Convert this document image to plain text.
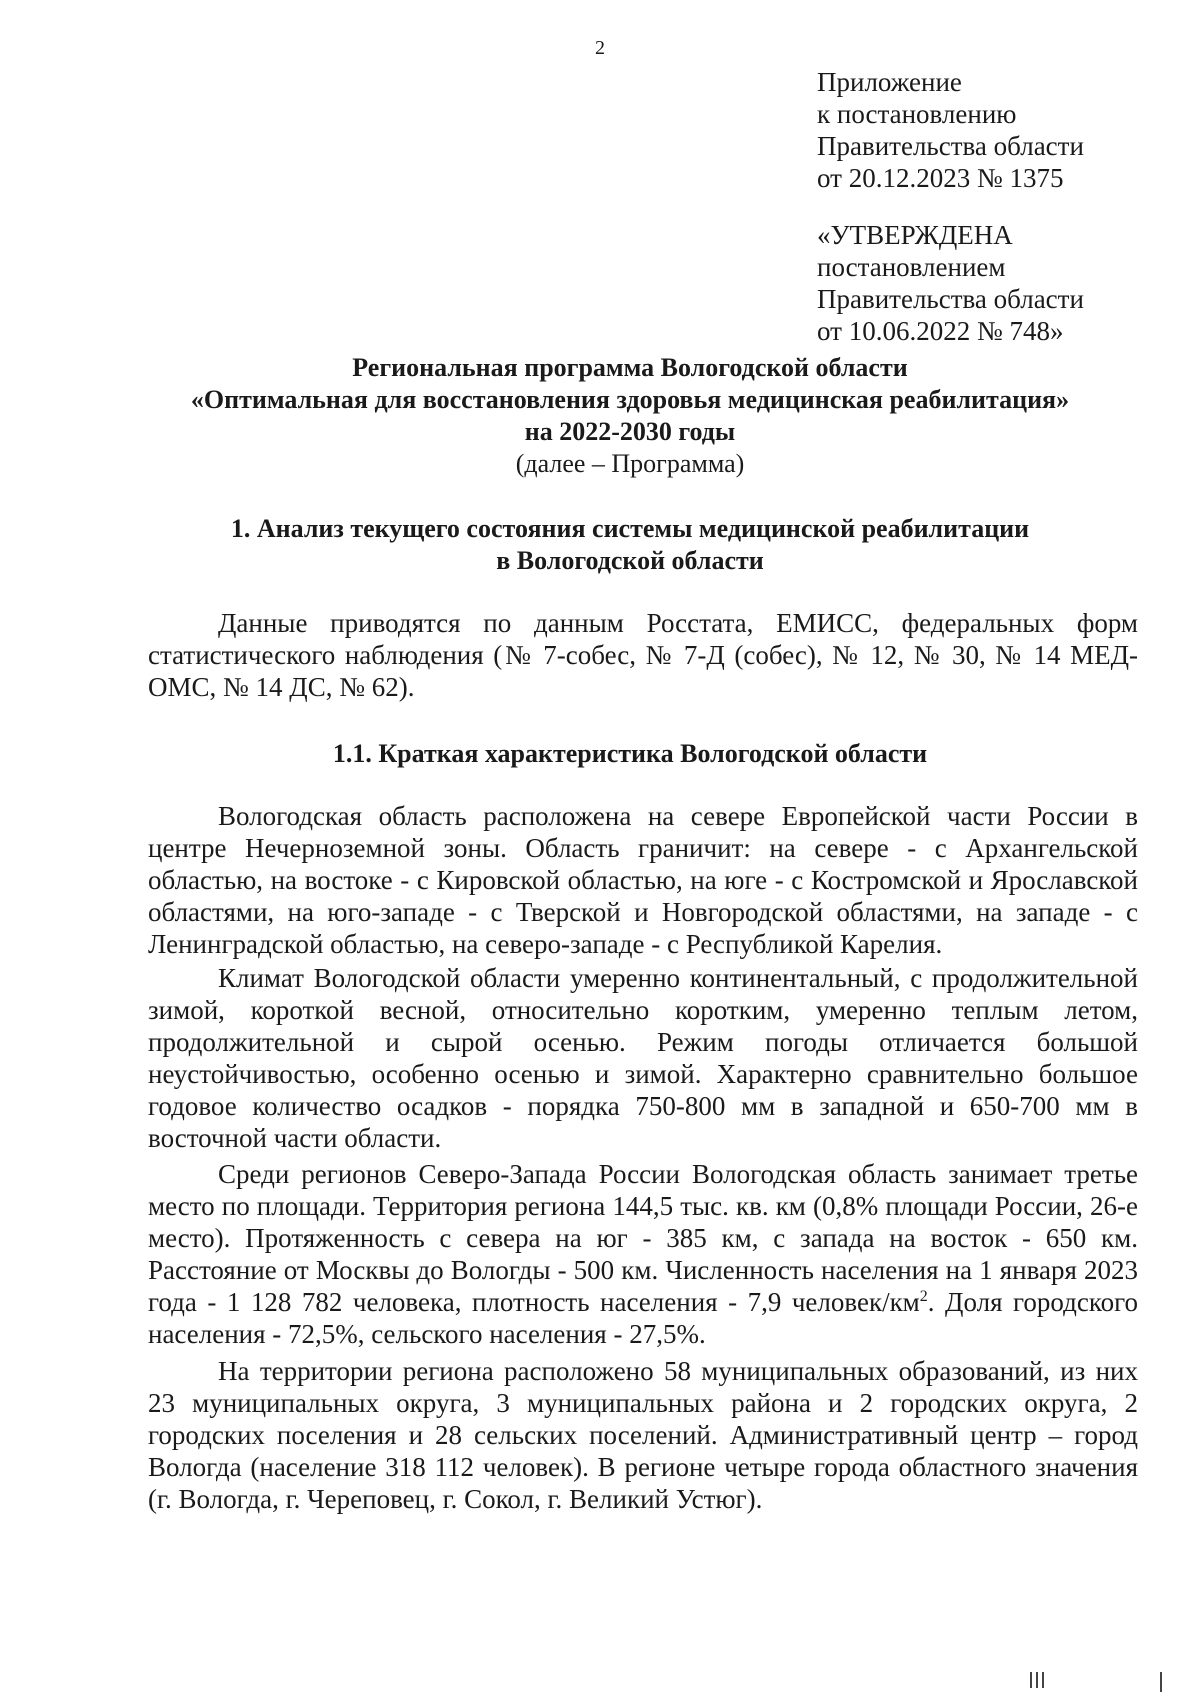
2
Приложение
к постановлению
Правительства области
от 20.12.2023 № 1375
«УТВЕРЖДЕНА
постановлением
Правительства области
от 10.06.2022 № 748»
Региональная программа Вологодской области
«Оптимальная для восстановления здоровья медицинская реабилитация»
на 2022-2030 годы
(далее – Программа)
1. Анализ текущего состояния системы медицинской реабилитации
в Вологодской области
Данные приводятся по данным Росстата, ЕМИСС, федеральных форм статистического наблюдения (№ 7-собес, № 7-Д (собес), № 12, № 30, № 14 МЕД-ОМС, № 14 ДС, № 62).
1.1. Краткая характеристика Вологодской области
Вологодская область расположена на севере Европейской части России в центре Нечерноземной зоны. Область граничит: на севере - с Архангельской областью, на востоке - с Кировской областью, на юге - с Костромской и Ярославской областями, на юго-западе - с Тверской и Новгородской областями, на западе - с Ленинградской областью, на северо-западе - с Республикой Карелия.
Климат Вологодской области умеренно континентальный, с продолжительной зимой, короткой весной, относительно коротким, умеренно теплым летом, продолжительной и сырой осенью. Режим погоды отличается большой неустойчивостью, особенно осенью и зимой. Характерно сравнительно большое годовое количество осадков - порядка 750-800 мм в западной и 650-700 мм в восточной части области.
Среди регионов Северо-Запада России Вологодская область занимает третье место по площади. Территория региона 144,5 тыс. кв. км (0,8% площади России, 26-е место). Протяженность с севера на юг - 385 км, с запада на восток - 650 км. Расстояние от Москвы до Вологды - 500 км. Численность населения на 1 января 2023 года - 1 128 782 человека, плотность населения - 7,9 человек/$км^2$. Доля городского населения - 72,5%, сельского населения - 27,5%.
На территории региона расположено 58 муниципальных образований, из них 23 муниципальных округа, 3 муниципальных района и 2 городских округа, 2 городских поселения и 28 сельских поселений. Административный центр – город Вологда (население 318 112 человек). В регионе четыре города областного значения (г. Вологда, г. Череповец, г. Сокол, г. Великий Устюг).
